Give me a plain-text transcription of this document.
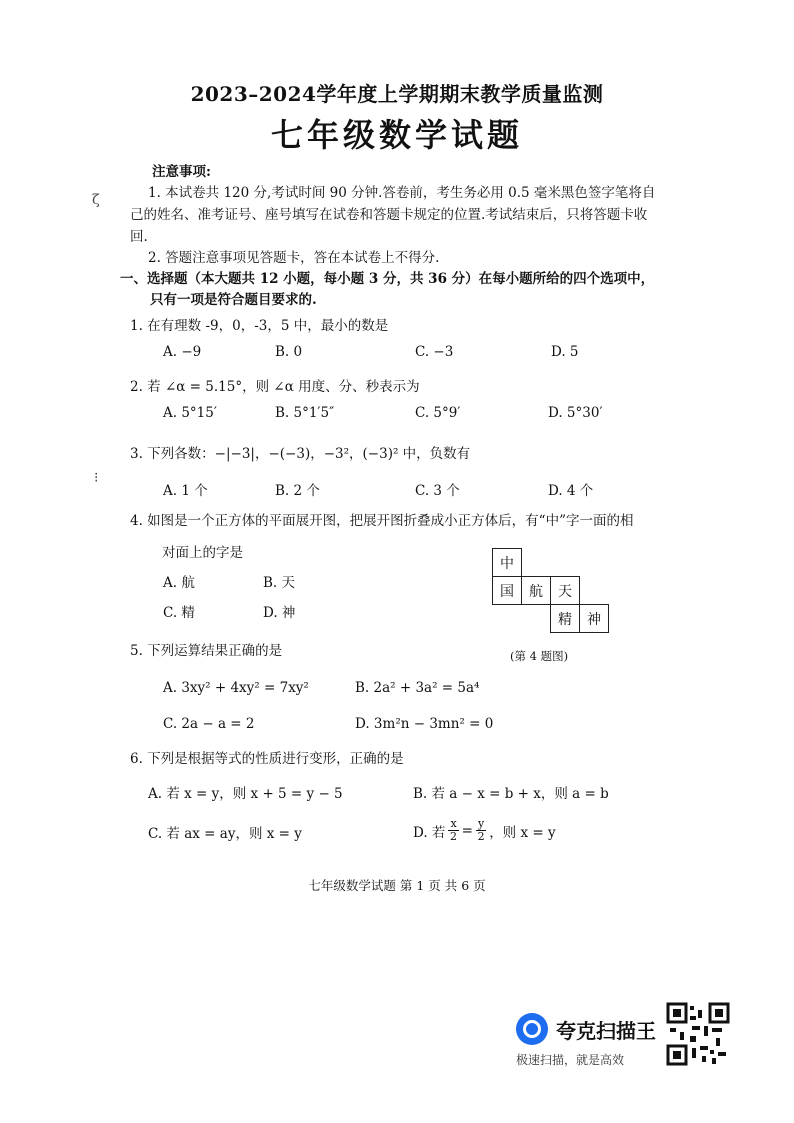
2023–2024学年度上学期期末教学质量监测
七年级数学试题
注意事项:
1. 本试卷共 120 分,考试时间 90 分钟.答卷前，考生务必用 0.5 毫米黑色签字笔将自
己的姓名、准考证号、座号填写在试卷和答题卡规定的位置.考试结束后，只将答题卡收
回.
2. 答题注意事项见答题卡，答在本试卷上不得分.
ζ
⁝
一、选择题（本大题共 12 小题，每小题 3 分，共 36 分）在每小题所给的四个选项中，
只有一项是符合题目要求的.
1. 在有理数 -9，0，-3，5 中，最小的数是
A. −9	B. 0	C. −3	D. 5
2. 若 ∠α = 5.15°，则 ∠α 用度、分、秒表示为
A. 5°15′	B. 5°1′5″	C. 5°9′	D. 5°30′
3. 下列各数：−|−3|，−(−3)，−3²，(−3)² 中，负数有
A. 1 个	B. 2 个	C. 3 个	D. 4 个
4. 如图是一个正方体的平面展开图，把展开图折叠成小正方体后，有“中”字一面的相
对面上的字是
A. 航	B. 天
C. 精	D. 神
中			
国	航	天	
		精	神
(第 4 题图)
5. 下列运算结果正确的是
A. 3xy² + 4xy² = 7xy²	B. 2a² + 3a² = 5a⁴
C. 2a − a = 2	D. 3m²n − 3mn² = 0
6. 下列是根据等式的性质进行变形，正确的是
A. 若 x = y，则 x + 5 = y − 5	B. 若 a − x = b + x，则 a = b
C. 若 ax = ay，则 x = y	D. 若 $\frac{x}{2} = \frac{y}{2}$ ，则 x = y
七年级数学试题 第 1 页 共 6 页
夸克扫描王
极速扫描，就是高效
